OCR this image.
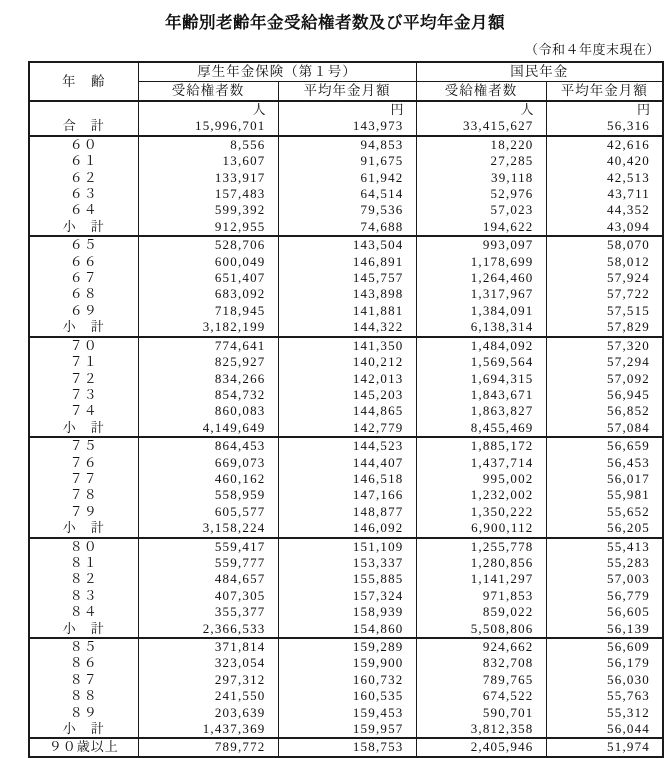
年齢別老齢年金受給権者数及び平均年金月額
（令和４年度末現在）
年　齢	厚生年金保険（第１号）		国民年金	
	受給権者数	平均年金月額	受給権者数	平均年金月額
	人	円	人	円
合　計	15,996,701	143,973	33,415,627	56,316
６０	8,556	94,853	18,220	42,616
６１	13,607	91,675	27,285	40,420
６２	133,917	61,942	39,118	42,513
６３	157,483	64,514	52,976	43,711
６４	599,392	79,536	57,023	44,352
小　計	912,955	74,688	194,622	43,094
６５	528,706	143,504	993,097	58,070
６６	600,049	146,891	1,178,699	58,012
６７	651,407	145,757	1,264,460	57,924
６８	683,092	143,898	1,317,967	57,722
６９	718,945	141,881	1,384,091	57,515
小　計	3,182,199	144,322	6,138,314	57,829
７０	774,641	141,350	1,484,092	57,320
７１	825,927	140,212	1,569,564	57,294
７２	834,266	142,013	1,694,315	57,092
７３	854,732	145,203	1,843,671	56,945
７４	860,083	144,865	1,863,827	56,852
小　計	4,149,649	142,779	8,455,469	57,084
７５	864,453	144,523	1,885,172	56,659
７６	669,073	144,407	1,437,714	56,453
７７	460,162	146,518	995,002	56,017
７８	558,959	147,166	1,232,002	55,981
７９	605,577	148,877	1,350,222	55,652
小　計	3,158,224	146,092	6,900,112	56,205
８０	559,417	151,109	1,255,778	55,413
８１	559,777	153,337	1,280,856	55,283
８２	484,657	155,885	1,141,297	57,003
８３	407,305	157,324	971,853	56,779
８４	355,377	158,939	859,022	56,605
小　計	2,366,533	154,860	5,508,806	56,139
８５	371,814	159,289	924,662	56,609
８６	323,054	159,900	832,708	56,179
８７	297,312	160,732	789,765	56,030
８８	241,550	160,535	674,522	55,763
８９	203,639	159,453	590,701	55,312
小　計	1,437,369	159,957	3,812,358	56,044
９０歳以上	789,772	158,753	2,405,946	51,974
